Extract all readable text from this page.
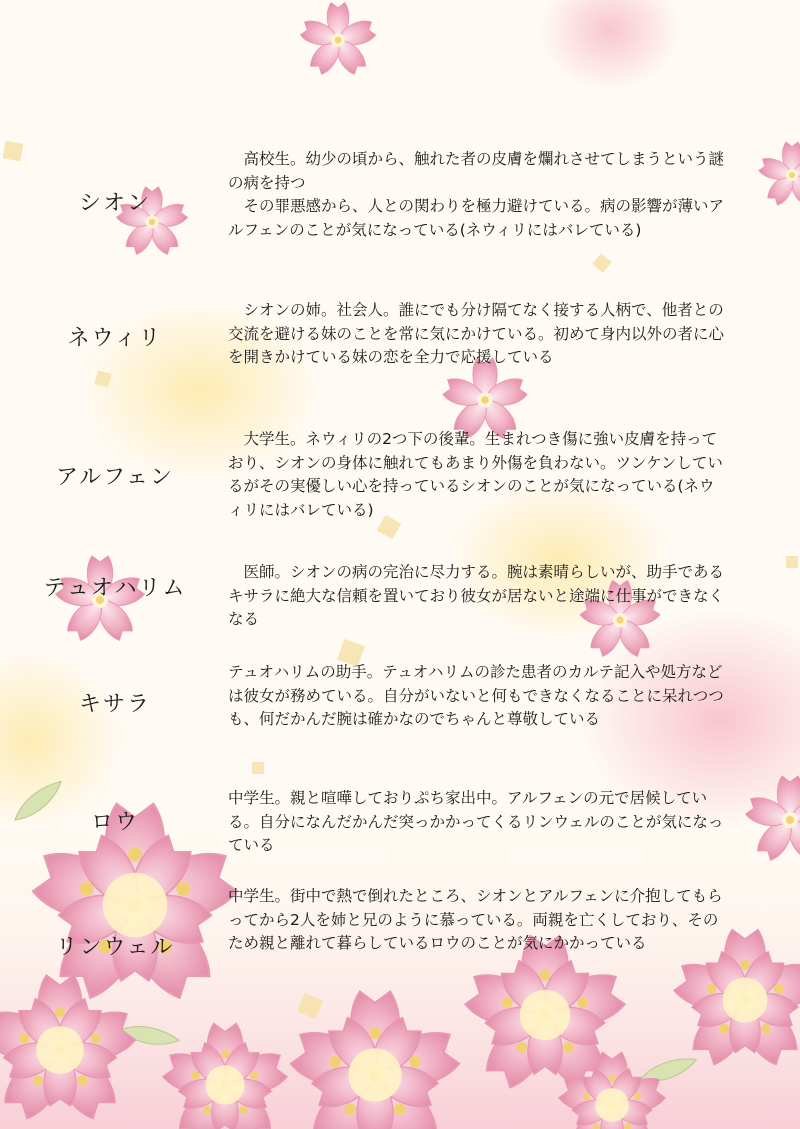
シオン
　高校生。幼少の頃から、触れた者の皮膚を爛れさせてしまうという謎の病を持つ
　その罪悪感から、人との関わりを極力避けている。病の影響が薄いアルフェンのことが気になっている(ネウィリにはバレている)
ネウィリ
　シオンの姉。社会人。誰にでも分け隔てなく接する人柄で、他者との交流を避ける妹のことを常に気にかけている。初めて身内以外の者に心を開きかけている妹の恋を全力で応援している
アルフェン
　大学生。ネウィリの2つ下の後輩。生まれつき傷に強い皮膚を持っており、シオンの身体に触れてもあまり外傷を負わない。ツンケンしているがその実優しい心を持っているシオンのことが気になっている(ネウィリにはバレている)
テュオハリム
　医師。シオンの病の完治に尽力する。腕は素晴らしいが、助手であるキサラに絶大な信頼を置いており彼女が居ないと途端に仕事ができなくなる
キサラ
テュオハリムの助手。テュオハリムの診た患者のカルテ記入や処方などは彼女が務めている。自分がいないと何もできなくなることに呆れつつも、何だかんだ腕は確かなのでちゃんと尊敬している
ロウ
中学生。親と喧嘩しておりぷち家出中。アルフェンの元で居候している。自分になんだかんだ突っかかってくるリンウェルのことが気になっている
リンウェル
中学生。街中で熱で倒れたところ、シオンとアルフェンに介抱してもらってから2人を姉と兄のように慕っている。両親を亡くしており、そのため親と離れて暮らしているロウのことが気にかかっている
